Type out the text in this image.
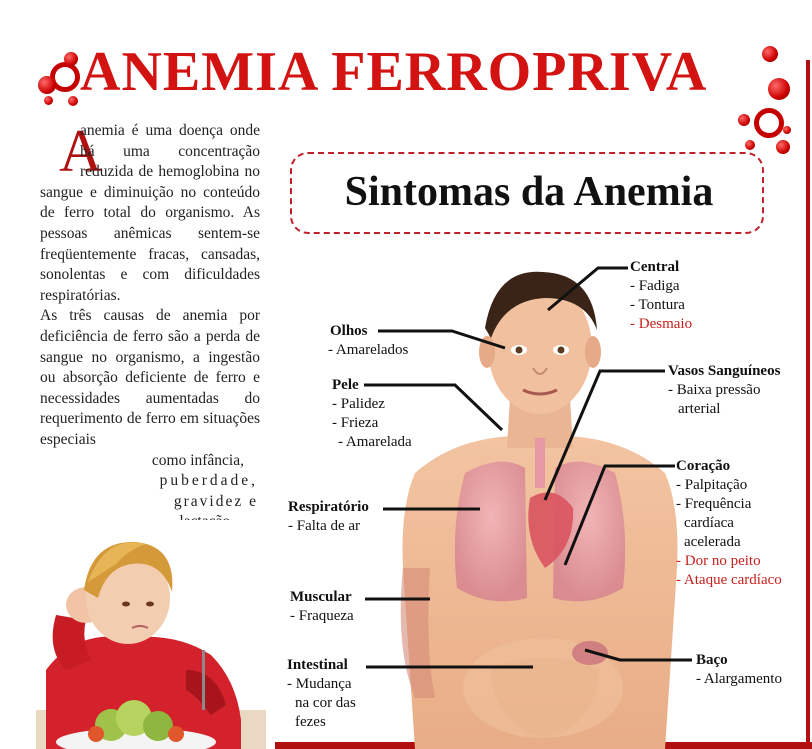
ANEMIA FERROPRIVA
A

anemia é uma doença onde há uma concentração reduzida de hemoglobina no sangue e diminuição no conteúdo de ferro total do organismo. As pessoas anêmicas sentem-se freqüentemente fracas, cansadas, sonolentas e com dificuldades respiratórias.

As três causas de anemia por deficiência de ferro são a perda de sangue no organismo, a ingestão ou absorção deficiente de ferro e necessidades aumentadas do requerimento de ferro em situações especiais

como infância,
puberdade,
gravidez e
Sintomas da Anemia
Central
- Fadiga
- Tontura
- Desmaio
Olhos
- Amarelados
Pele
- Palidez
- Frieza
- Amarelada
Vasos Sanguíneos
- Baixa pressão
arterial
Coração
- Palpitação
- Frequência
cardíaca
acelerada
- Dor no peito
- Ataque cardíaco
Respiratório
- Falta de ar
Muscular
- Fraqueza
Intestinal
- Mudança
na cor das
fezes
Baço
- Alargamento
